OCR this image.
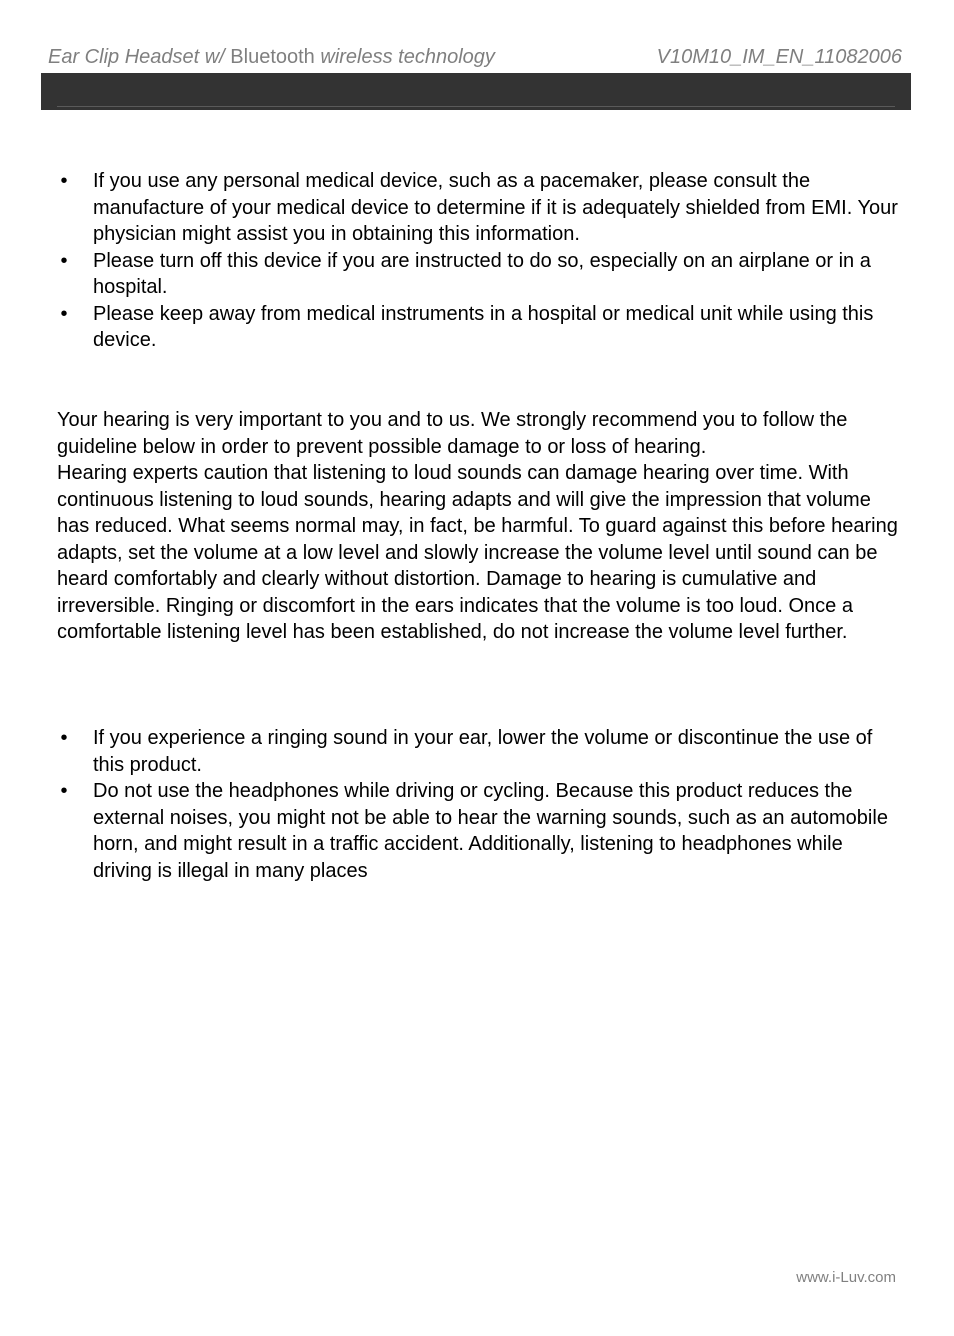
Ear Clip Headset w/ Bluetooth wireless technology	V10M10_IM_EN_11082006
• If you use any personal medical device, such as a pacemaker, please consult the manufacture of your medical device to determine if it is adequately shielded from EMI. Your physician might assist you in obtaining this information.
• Please turn off this device if you are instructed to do so, especially on an airplane or in a hospital.
• Please keep away from medical instruments in a hospital or medical unit while using this device.

Your hearing is very important to you and to us. We strongly recommend you to follow the guideline below in order to prevent possible damage to or loss of hearing.

Hearing experts caution that listening to loud sounds can damage hearing over time. With continuous listening to loud sounds, hearing adapts and will give the impression that volume has reduced. What seems normal may, in fact, be harmful. To guard against this before hearing adapts, set the volume at a low level and slowly increase the volume level until sound can be heard comfortably and clearly without distortion. Damage to hearing is cumulative and irreversible. Ringing or discomfort in the ears indicates that the volume is too loud. Once a comfortable listening level has been established, do not increase the volume level further.

• If you experience a ringing sound in your ear, lower the volume or discontinue the use of this product.
• Do not use the headphones while driving or cycling. Because this product reduces the external noises, you might not be able to hear the warning sounds, such as an automobile horn, and might result in a traffic accident. Additionally, listening to headphones while driving is illegal in many places
www.i-Luv.com
